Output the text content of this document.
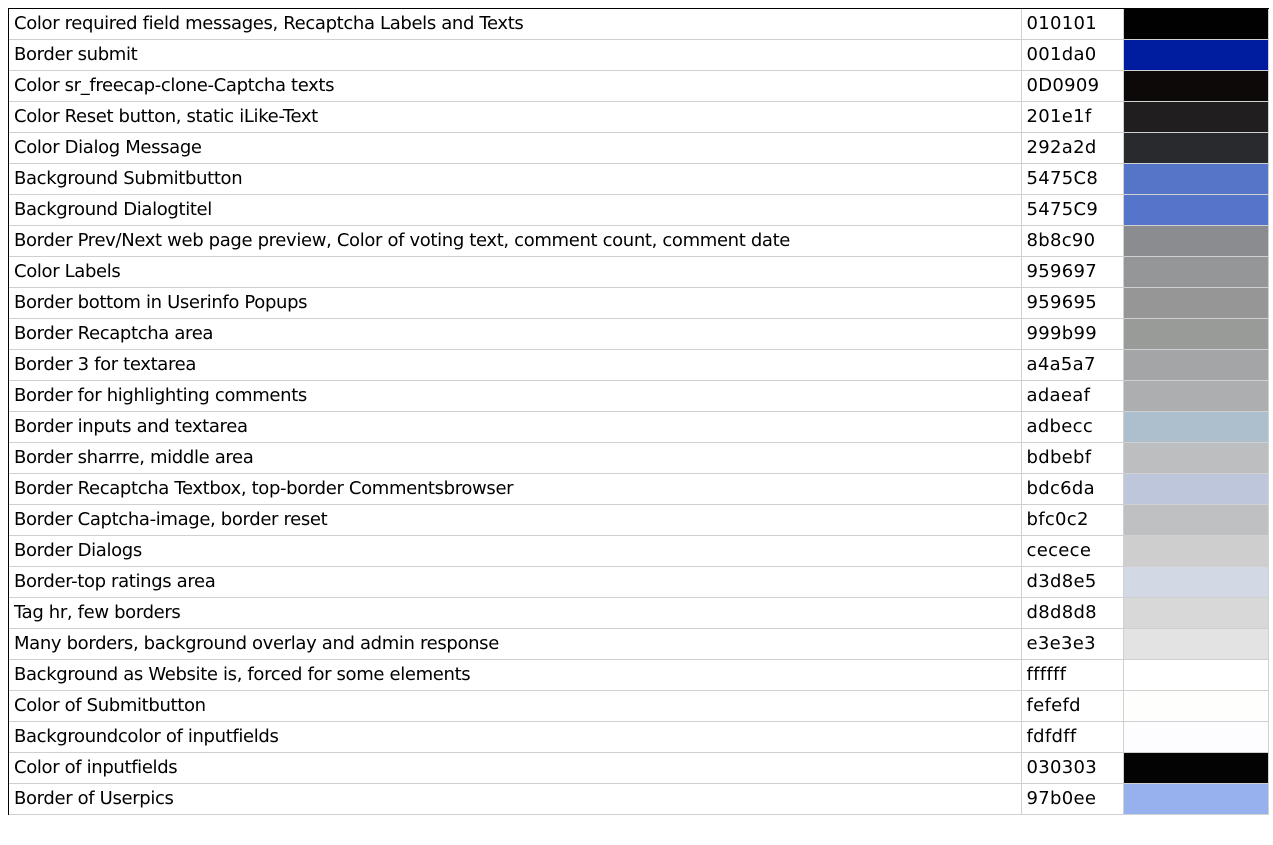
Color required field messages, Recaptcha Labels and Texts	010101	
Border submit	001da0	
Color sr_freecap-clone-Captcha texts	0D0909	
Color Reset button, static iLike-Text	201e1f	
Color Dialog Message	292a2d	
Background Submitbutton	5475C8	
Background Dialogtitel	5475C9	
Border Prev/Next web page preview, Color of voting text, comment count, comment date	8b8c90	
Color Labels	959697	
Border bottom in Userinfo Popups	959695	
Border Recaptcha area	999b99	
Border 3 for textarea	a4a5a7	
Border for highlighting comments	adaeaf	
Border inputs and textarea	adbecc	
Border sharrre, middle area	bdbebf	
Border Recaptcha Textbox, top-border Commentsbrowser	bdc6da	
Border Captcha-image, border reset	bfc0c2	
Border Dialogs	cecece	
Border-top ratings area	d3d8e5	
Tag hr, few borders	d8d8d8	
Many borders, background overlay and admin response	e3e3e3	
Background as Website is, forced for some elements	ffffff	
Color of Submitbutton	fefefd	
Backgroundcolor of inputfields	fdfdff	
Color of inputfields	030303	
Border of Userpics	97b0ee	
